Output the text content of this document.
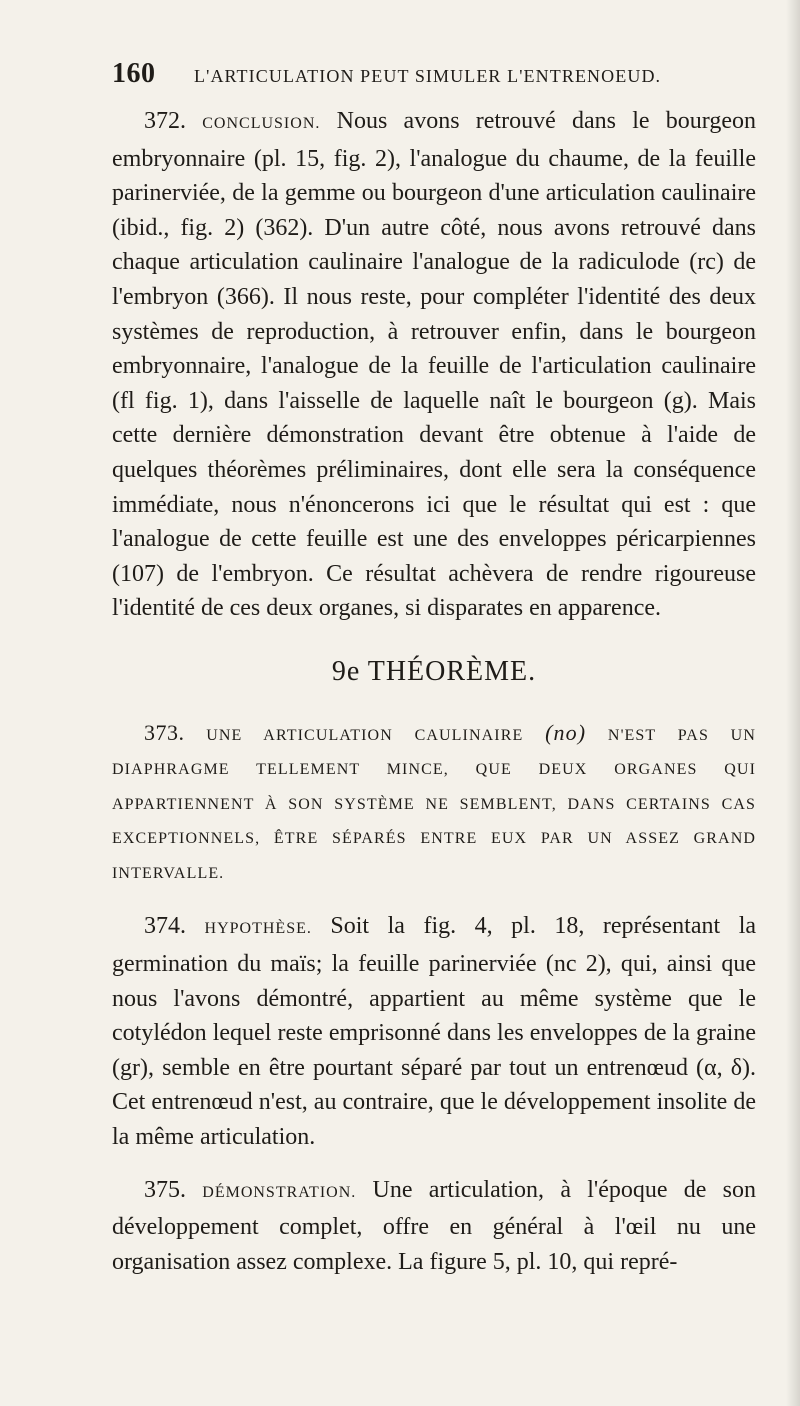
160	L'ARTICULATION PEUT SIMULER L'ENTRENOEUD.

372. CONCLUSION. Nous avons retrouvé dans le bourgeon embryonnaire (pl. 15, fig. 2), l'analogue du chaume, de la feuille parinerviée, de la gemme ou bourgeon d'une articulation caulinaire (ibid., fig. 2) (362). D'un autre côté, nous avons retrouvé dans chaque articulation caulinaire l'analogue de la radiculode (rc) de l'embryon (366). Il nous reste, pour compléter l'identité des deux systèmes de reproduction, à retrouver enfin, dans le bourgeon embryonnaire, l'analogue de la feuille de l'articulation caulinaire (fl fig. 1), dans l'aisselle de laquelle naît le bourgeon (g). Mais cette dernière démonstration devant être obtenue à l'aide de quelques théorèmes préliminaires, dont elle sera la conséquence immédiate, nous n'énoncerons ici que le résultat qui est : que l'analogue de cette feuille est une des enveloppes péricarpiennes (107) de l'embryon. Ce résultat achèvera de rendre rigoureuse l'identité de ces deux organes, si disparates en apparence.

9e THÉORÈME.

373. UNE ARTICULATION CAULINAIRE (no) N'EST PAS UN DIAPHRAGME TELLEMENT MINCE, QUE DEUX ORGANES QUI APPARTIENNENT À SON SYSTÈME NE SEMBLENT, DANS CERTAINS CAS EXCEPTIONNELS, ÊTRE SÉPARÉS ENTRE EUX PAR UN ASSEZ GRAND INTERVALLE.

374. HYPOTHÈSE. Soit la fig. 4, pl. 18, représentant la germination du maïs; la feuille parinerviée (nc 2), qui, ainsi que nous l'avons démontré, appartient au même système que le cotylédon lequel reste emprisonné dans les enveloppes de la graine (gr), semble en être pourtant séparé par tout un entrenœud (α, δ). Cet entrenœud n'est, au contraire, que le développement insolite de la même articulation.

375. DÉMONSTRATION. Une articulation, à l'époque de son développement complet, offre en général à l'œil nu une organisation assez complexe. La figure 5, pl. 10, qui repré-
